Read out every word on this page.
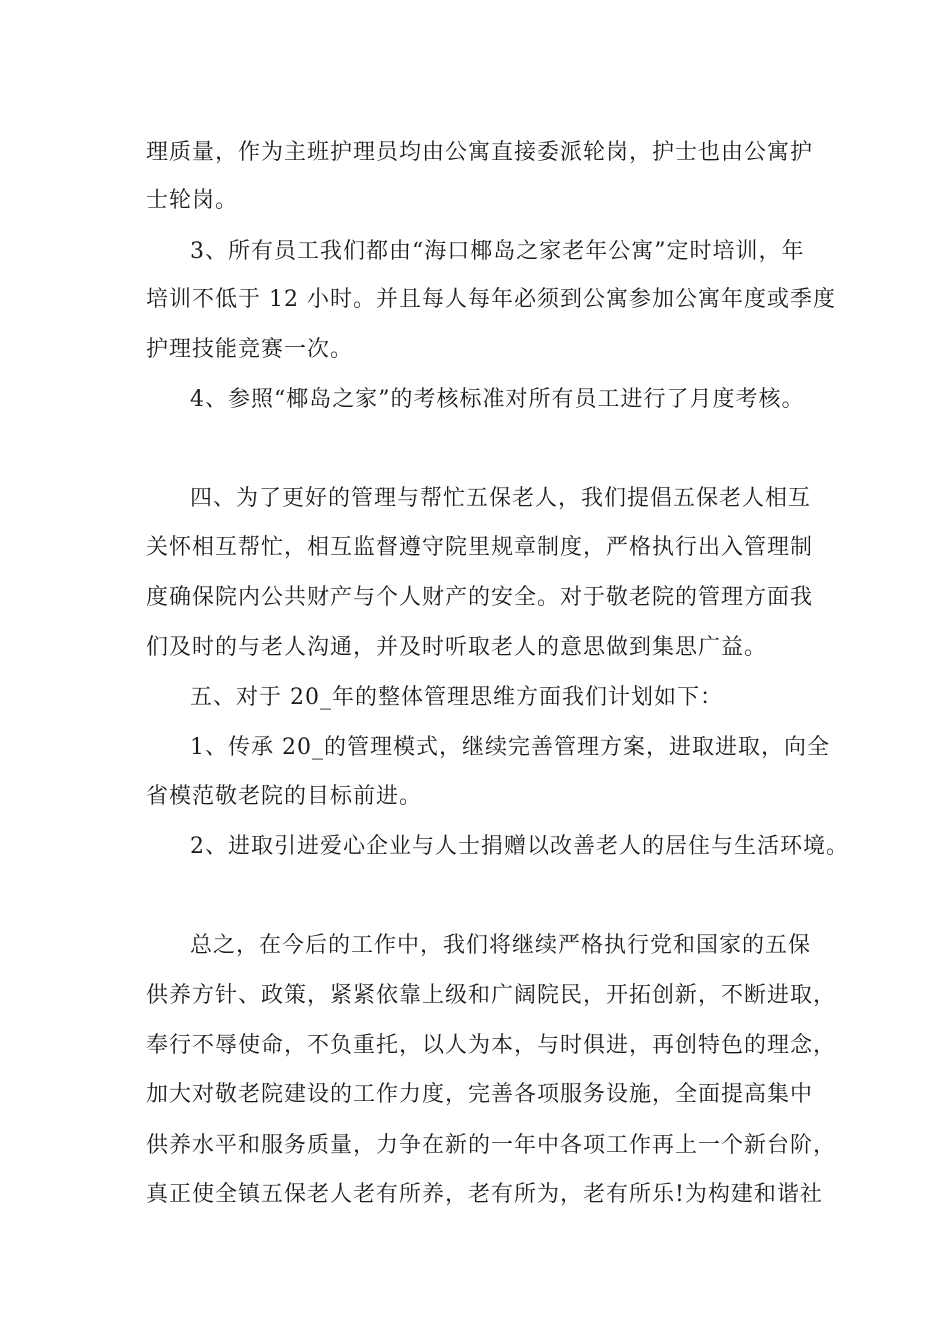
理质量，作为主班护理员均由公寓直接委派轮岗，护士也由公寓护
士轮岗。
3、所有员工我们都由“海口椰岛之家老年公寓”定时培训，年
培训不低于 12 小时。并且每人每年必须到公寓参加公寓年度或季度
护理技能竞赛一次。
4、参照“椰岛之家”的考核标准对所有员工进行了月度考核。
四、为了更好的管理与帮忙五保老人，我们提倡五保老人相互
关怀相互帮忙，相互监督遵守院里规章制度，严格执行出入管理制
度确保院内公共财产与个人财产的安全。对于敬老院的管理方面我
们及时的与老人沟通，并及时听取老人的意思做到集思广益。
五、对于 20_年的整体管理思维方面我们计划如下：
1、传承 20_的管理模式，继续完善管理方案，进取进取，向全
省模范敬老院的目标前进。
2、进取引进爱心企业与人士捐赠以改善老人的居住与生活环境。
总之，在今后的工作中，我们将继续严格执行党和国家的五保
供养方针、政策，紧紧依靠上级和广阔院民，开拓创新，不断进取，
奉行不辱使命，不负重托，以人为本，与时俱进，再创特色的理念，
加大对敬老院建设的工作力度，完善各项服务设施，全面提高集中
供养水平和服务质量，力争在新的一年中各项工作再上一个新台阶，
真正使全镇五保老人老有所养，老有所为，老有所乐!为构建和谐社
